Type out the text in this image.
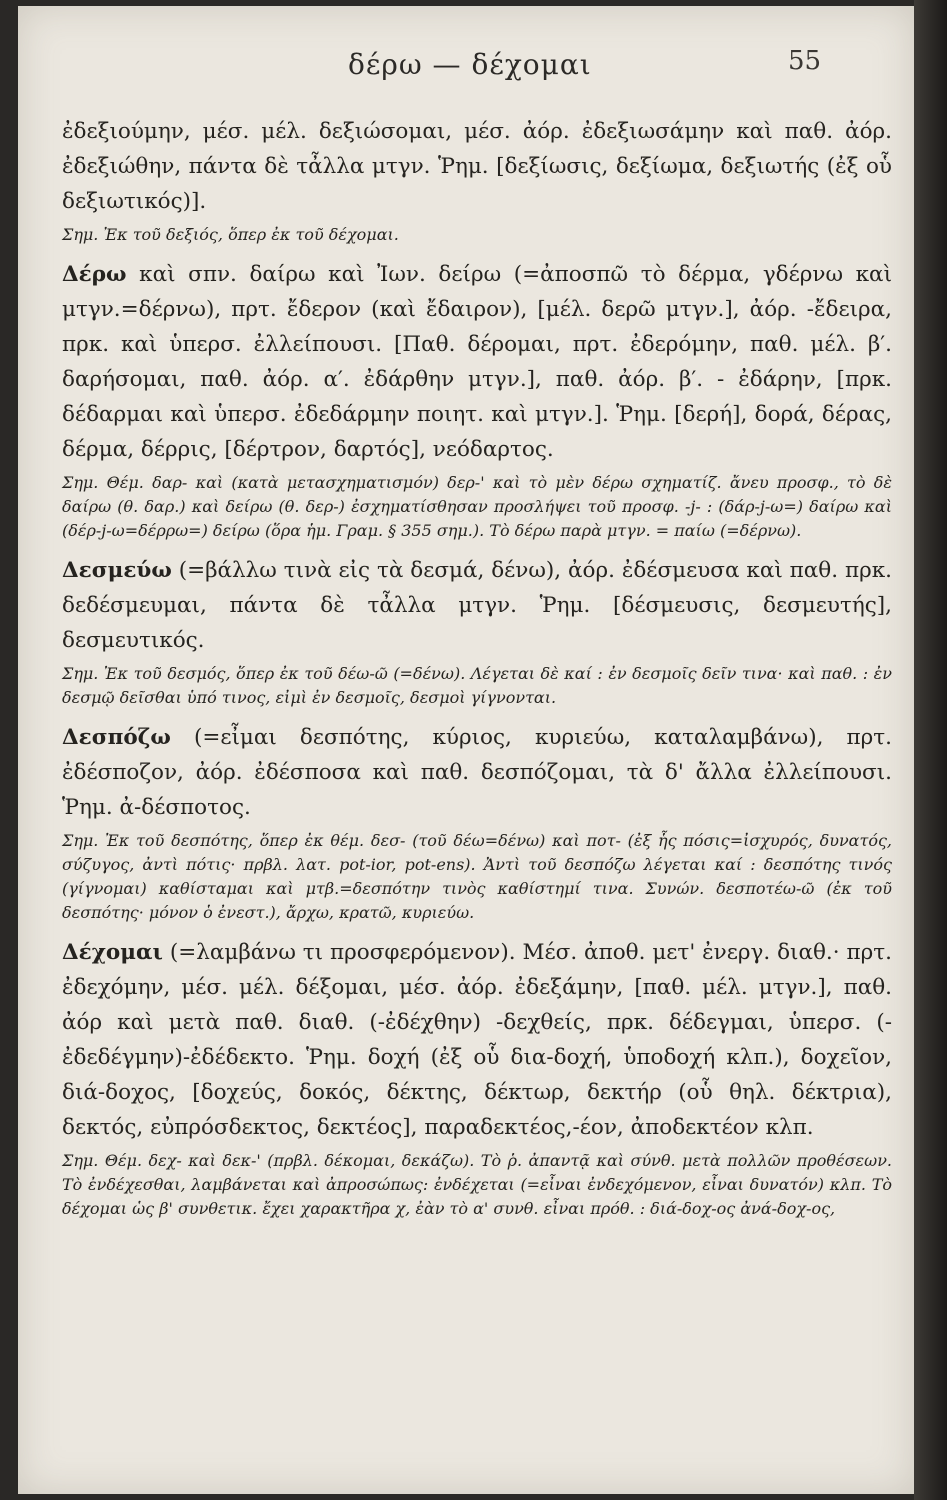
δέρω — δέχομαι	55

ἐδεξιούμην, μέσ. μέλ. δεξιώσομαι, μέσ. ἀόρ. ἐδεξιωσάμην καὶ παθ. ἀόρ. ἐδεξιώθην, πάντα δὲ τἆλλα μτγν. Ῥημ. [δεξίωσις, δεξίωμα, δεξιωτής (ἐξ οὗ δεξιωτικός)].

Σημ. Ἐκ τοῦ δεξιός, ὅπερ ἐκ τοῦ δέχομαι.

Δέρω καὶ σπν. δαίρω καὶ Ἰων. δείρω (=ἀποσπῶ τὸ δέρμα, γδέρνω καὶ μτγν.=δέρνω), πρτ. ἔδερον (καὶ ἔδαιρον), [μέλ. δερῶ μτγν.], ἀόρ. -ἔδειρα, πρκ. καὶ ὑπερσ. ἐλλείπουσι. [Παθ. δέρομαι, πρτ. ἐδερόμην, παθ. μέλ. β′. δαρήσομαι, παθ. ἀόρ. α′. ἐδάρθην μτγν.], παθ. ἀόρ. β′. - ἐδάρην, [πρκ. δέδαρμαι καὶ ὑπερσ. ἐδεδάρμην ποιητ. καὶ μτγν.]. Ῥημ. [δερή], δορά, δέρας, δέρμα, δέρρις, [δέρτρον, δαρτός], νεόδαρτος.

Σημ. Θέμ. δαρ- καὶ (κατὰ μετασχηματισμόν) δερ-' καὶ τὸ μὲν δέρω σχηματίζ. ἄνευ προσφ., τὸ δὲ δαίρω (θ. δαρ.) καὶ δείρω (θ. δερ-) ἐσχηματίσθησαν προσλήψει τοῦ προσφ. -j- : (δάρ-j-ω=) δαίρω καὶ (δέρ-j-ω=δέρρω=) δείρω (ὅρα ἡμ. Γραμ. § 355 σημ.). Τὸ δέρω παρὰ μτγν. = παίω (=δέρνω).

Δεσμεύω (=βάλλω τινὰ εἰς τὰ δεσμά, δένω), ἀόρ. ἐδέσμευσα καὶ παθ. πρκ. δεδέσμευμαι, πάντα δὲ τἆλλα μτγν. Ῥημ. [δέσμευσις, δεσμευτής], δεσμευτικός.

Σημ. Ἐκ τοῦ δεσμός, ὅπερ ἐκ τοῦ δέω-ῶ (=δένω). Λέγεται δὲ καί : ἐν δεσμοῖς δεῖν τινα· καὶ παθ. : ἐν δεσμῷ δεῖσθαι ὑπό τινος, εἰμὶ ἐν δεσμοῖς, δεσμοὶ γίγνονται.

Δεσπόζω (=εἶμαι δεσπότης, κύριος, κυριεύω, καταλαμβάνω), πρτ. ἐδέσποζον, ἀόρ. ἐδέσποσα καὶ παθ. δεσπόζομαι, τὰ δ' ἄλλα ἐλλείπουσι. Ῥημ. ἀ-δέσποτος.

Σημ. Ἐκ τοῦ δεσπότης, ὅπερ ἐκ θέμ. δεσ- (τοῦ δέω=δένω) καὶ ποτ- (ἐξ ἧς πόσις=ἰσχυρός, δυνατός, σύζυγος, ἀντὶ πότις· πρβλ. λατ. pot-ior, pot-ens). Ἀντὶ τοῦ δεσπόζω λέγεται καί : δεσπότης τινός (γίγνομαι) καθίσταμαι καὶ μτβ.=δεσπότην τινὸς καθίστημί τινα. Συνών. δεσποτέω-ῶ (ἐκ τοῦ δεσπότης· μόνον ὁ ἐνεστ.), ἄρχω, κρατῶ, κυριεύω.

Δέχομαι (=λαμβάνω τι προσφερόμενον). Μέσ. ἀποθ. μετ' ἐνεργ. διαθ.· πρτ. ἐδεχόμην, μέσ. μέλ. δέξομαι, μέσ. ἀόρ. ἐδεξάμην, [παθ. μέλ. μτγν.], παθ. ἀόρ καὶ μετὰ παθ. διαθ. (-ἐδέχθην) -δεχθείς, πρκ. δέδεγμαι, ὑπερσ. (-ἐδεδέγμην)-ἐδέδεκτο. Ῥημ. δοχή (ἐξ οὗ δια-δοχή, ὑποδοχή κλπ.), δοχεῖον, διά-δοχος, [δοχεύς, δοκός, δέκτης, δέκτωρ, δεκτήρ (οὗ θηλ. δέκτρια), δεκτός, εὐπρόσδεκτος, δεκτέος], παραδεκτέος,-έον, ἀποδεκτέον κλπ.

Σημ. Θέμ. δεχ- καὶ δεκ-' (πρβλ. δέκομαι, δεκάζω). Τὸ ῥ. ἀπαντᾷ καὶ σύνθ. μετὰ πολλῶν προθέσεων. Τὸ ἐνδέχεσθαι, λαμβάνεται καὶ ἀπροσώπως: ἐνδέχεται (=εἶναι ἐνδεχόμενον, εἶναι δυνατόν) κλπ. Τὸ δέχομαι ὡς β' συνθετικ. ἔχει χαρακτῆρα χ, ἐὰν τὸ α' συνθ. εἶναι πρόθ. : διά-δοχ-ος ἀνά-δοχ-ος,
